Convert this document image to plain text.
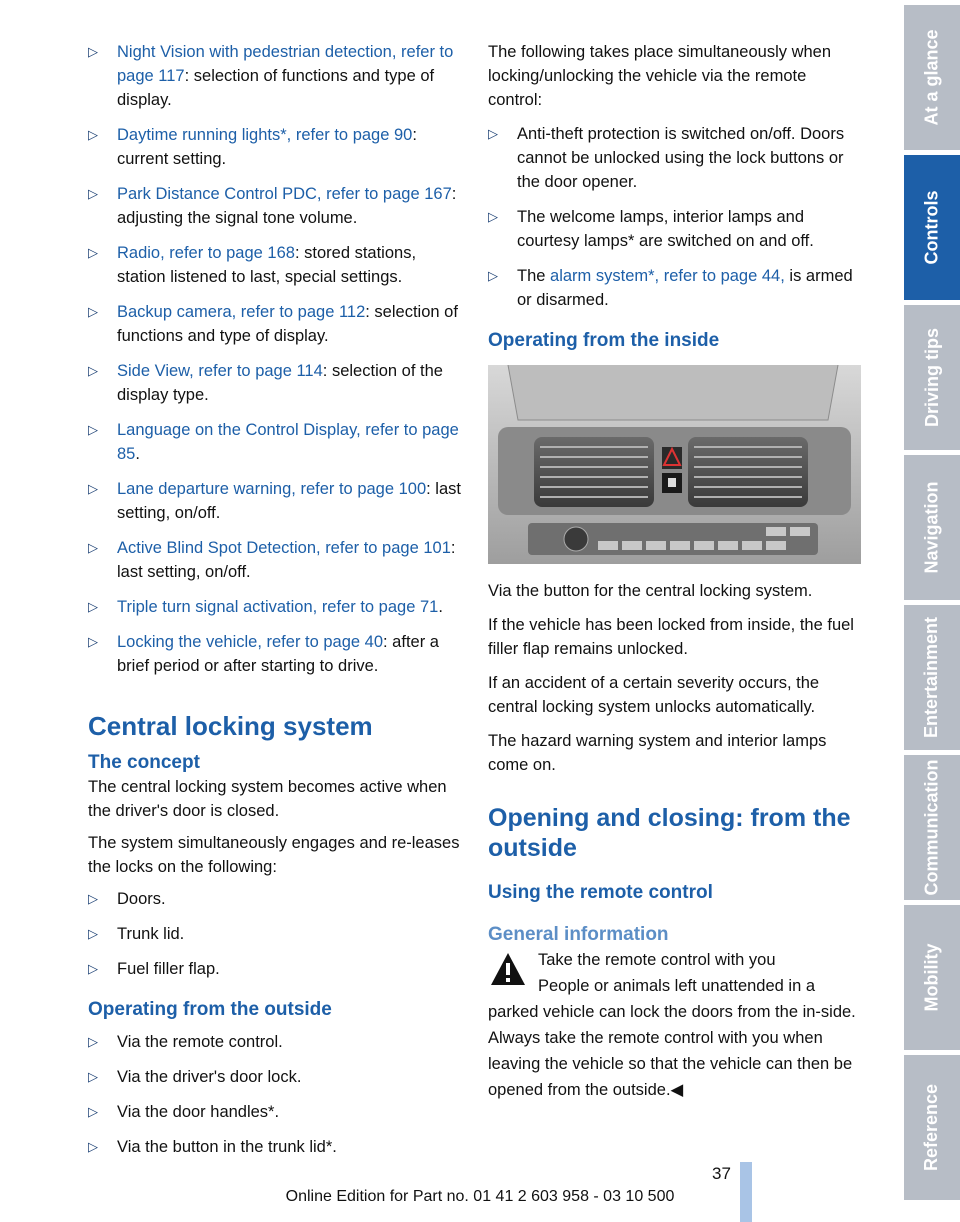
▷ Night Vision with pedestrian detection, refer to page 117: selection of functions and type of display.
▷ Daytime running lights*, refer to page 90: current setting.
▷ Park Distance Control PDC, refer to page 167: adjusting the signal tone volume.
▷ Radio, refer to page 168: stored stations, station listened to last, special settings.
▷ Backup camera, refer to page 112: selection of functions and type of display.
▷ Side View, refer to page 114: selection of the display type.
▷ Language on the Control Display, refer to page 85.
▷ Lane departure warning, refer to page 100: last setting, on/off.
▷ Active Blind Spot Detection, refer to page 101: last setting, on/off.
▷ Triple turn signal activation, refer to page 71.
▷ Locking the vehicle, refer to page 40: after a brief period or after starting to drive.
Central locking system
The concept

The central locking system becomes active when the driver's door is closed.

The system simultaneously engages and re-leases the locks on the following:

▷ Doors.
▷ Trunk lid.
▷ Fuel filler flap.
Operating from the outside
▷ Via the remote control.
▷ Via the driver's door lock.
▷ Via the door handles*.
▷ Via the button in the trunk lid*.

The following takes place simultaneously when locking/unlocking the vehicle via the remote control:

▷ Anti-theft protection is switched on/off. Doors cannot be unlocked using the lock buttons or the door opener.
▷ The welcome lamps, interior lamps and courtesy lamps* are switched on and off.
▷ The alarm system*, refer to page 44, is armed or disarmed.
Operating from the inside

Via the button for the central locking system.

If the vehicle has been locked from inside, the fuel filler flap remains unlocked.

If an accident of a certain severity occurs, the central locking system unlocks automatically.

The hazard warning system and interior lamps come on.

Opening and closing: from the outside
Using the remote control
General information
Take the remote control with you
People or animals left unattended in a parked vehicle can lock the doors from the in-side. Always take the remote control with you when leaving the vehicle so that the vehicle can then be opened from the outside.◀
At a glance
Controls
Driving tips
Navigation
Entertainment
Communication
Mobility
Reference
37
Online Edition for Part no. 01 41 2 603 958 - 03 10 500
